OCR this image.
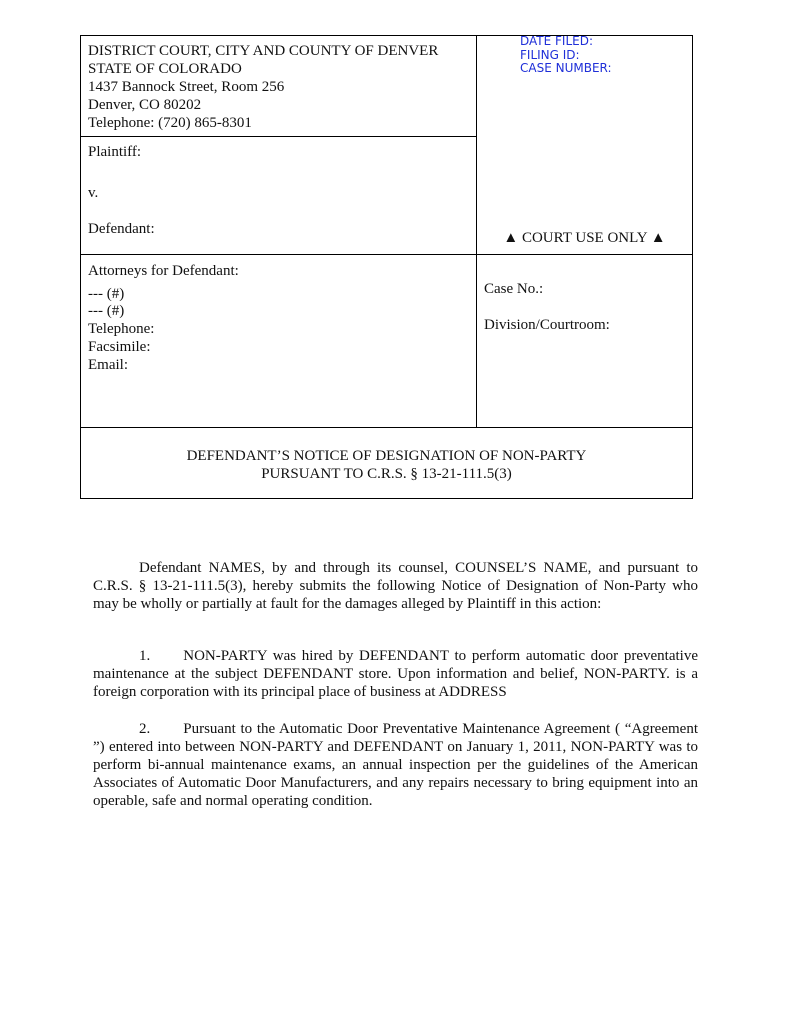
DISTRICT COURT, CITY AND COUNTY OF DENVER
STATE OF COLORADO
1437 Bannock Street, Room 256
Denver, CO 80202
Telephone: (720) 865-8301
DATE FILED:
FILING ID:
CASE NUMBER:
Plaintiff:
v.
Defendant:
▲ COURT USE ONLY ▲
Attorneys for Defendant:
--- (#)
--- (#)
Telephone:
Facsimile:
Email:
Case No.:
Division/Courtroom:
DEFENDANT’S NOTICE OF DESIGNATION OF NON-PARTY
PURSUANT TO C.R.S. § 13-21-111.5(3)

Defendant NAMES, by and through its counsel, COUNSEL’S NAME, and pursuant to C.R.S. § 13-21-111.5(3), hereby submits the following Notice of Designation of Non-Party who may be wholly or partially at fault for the damages alleged by Plaintiff in this action:

1. NON-PARTY was hired by DEFENDANT to perform automatic door preventative maintenance at the subject DEFENDANT store. Upon information and belief, NON-PARTY. is a foreign corporation with its principal place of business at ADDRESS

2. Pursuant to the Automatic Door Preventative Maintenance Agreement ( “Agreement ”) entered into between NON-PARTY and DEFENDANT on January 1, 2011, NON-PARTY was to perform bi-annual maintenance exams, an annual inspection per the guidelines of the American Associates of Automatic Door Manufacturers, and any repairs necessary to bring equipment into an operable, safe and normal operating condition.
